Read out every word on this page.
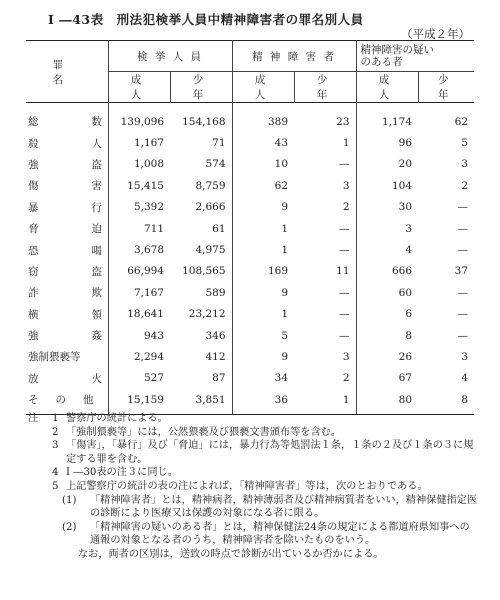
I ―43表　刑法犯検挙人員中精神障害者の罪名別人員
（平成２年）
罪　　名	検 挙 人 員		精 神 障 害 者		精神障害の疑い
のある者	

	成　　人	少　　年	成　　人	少　　年	成　　人	少　　年

総 数	139,096	154,168	389	23	1,174	62

殺 人	1,167	71	43	1	96	5

強 盗	1,008	574	10	—	20	3

傷 害	15,415	8,759	62	3	104	2

暴 行	5,392	2,666	9	2	30	—

脅 迫	711	61	1	—	3	—

恐 喝	3,678	4,975	1	—	4	—

窃 盗	66,994	108,565	169	11	666	37

詐 欺	7,167	589	9	—	60	—

横 領	18,641	23,212	1	—	6	—

強 姦	943	346	5	—	8	—
強制猥褻等	2,294	412	9	3	26	3

放 火	527	87	34	2	67	4
その他	15,159	3,851	36	1	80	8
注 1 警察庁の統計による。
2 「強制猥褻等」には，公然猥褻及び猥褻文書頒布等を含む。
3 「傷害」，「暴行」及び「脅迫」には，暴力行為等処罰法１条，１条の２及び１条の３に規定する罪を含む。
4 I ―30表の注３に同じ。
5 上記警察庁の統計の表の注によれば，「精神障害者」等は，次のとおりである。
(1) 「精神障害者」とは，精神病者，精神薄弱者及び精神病質者をいい，精神保健指定医の診断により医療又は保護の対象になる者に限る。
(2) 「精神障害の疑いのある者」とは，精神保健法24条の規定による都道府県知事への通報の対象となる者のうち，精神障害者を除いたものをいう。
なお，両者の区別は，送致の時点で診断が出ているか否かによる。
